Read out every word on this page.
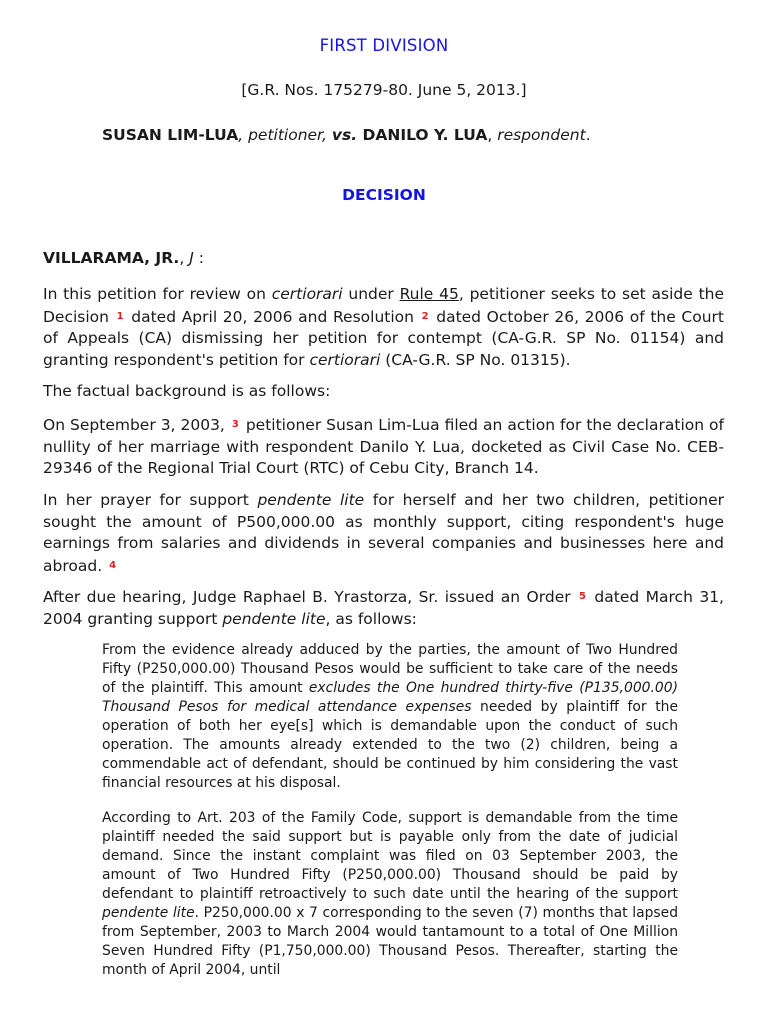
FIRST DIVISION
[G.R. Nos. 175279-80. June 5, 2013.]
SUSAN LIM-LUA, petitioner, vs. DANILO Y. LUA, respondent.
DECISION
VILLARAMA, JR., J :

In this petition for review on certiorari under Rule 45, petitioner seeks to set aside the Decision 1 dated April 20, 2006 and Resolution 2 dated October 26, 2006 of the Court of Appeals (CA) dismissing her petition for contempt (CA-G.R. SP No. 01154) and granting respondent's petition for certiorari (CA-G.R. SP No. 01315).

The factual background is as follows:

On September 3, 2003, 3 petitioner Susan Lim-Lua filed an action for the declaration of nullity of her marriage with respondent Danilo Y. Lua, docketed as Civil Case No. CEB-29346 of the Regional Trial Court (RTC) of Cebu City, Branch 14.

In her prayer for support pendente lite for herself and her two children, petitioner sought the amount of P500,000.00 as monthly support, citing respondent's huge earnings from salaries and dividends in several companies and businesses here and abroad. 4

After due hearing, Judge Raphael B. Yrastorza, Sr. issued an Order 5 dated March 31, 2004 granting support pendente lite, as follows:

From the evidence already adduced by the parties, the amount of Two Hundred Fifty (P250,000.00) Thousand Pesos would be sufficient to take care of the needs of the plaintiff. This amount excludes the One hundred thirty-five (P135,000.00) Thousand Pesos for medical attendance expenses needed by plaintiff for the operation of both her eye[s] which is demandable upon the conduct of such operation. The amounts already extended to the two (2) children, being a commendable act of defendant, should be continued by him considering the vast financial resources at his disposal.

According to Art. 203 of the Family Code, support is demandable from the time plaintiff needed the said support but is payable only from the date of judicial demand. Since the instant complaint was filed on 03 September 2003, the amount of Two Hundred Fifty (P250,000.00) Thousand should be paid by defendant to plaintiff retroactively to such date until the hearing of the support pendente lite. P250,000.00 x 7 corresponding to the seven (7) months that lapsed from September, 2003 to March 2004 would tantamount to a total of One Million Seven Hundred Fifty (P1,750,000.00) Thousand Pesos. Thereafter, starting the month of April 2004, until
